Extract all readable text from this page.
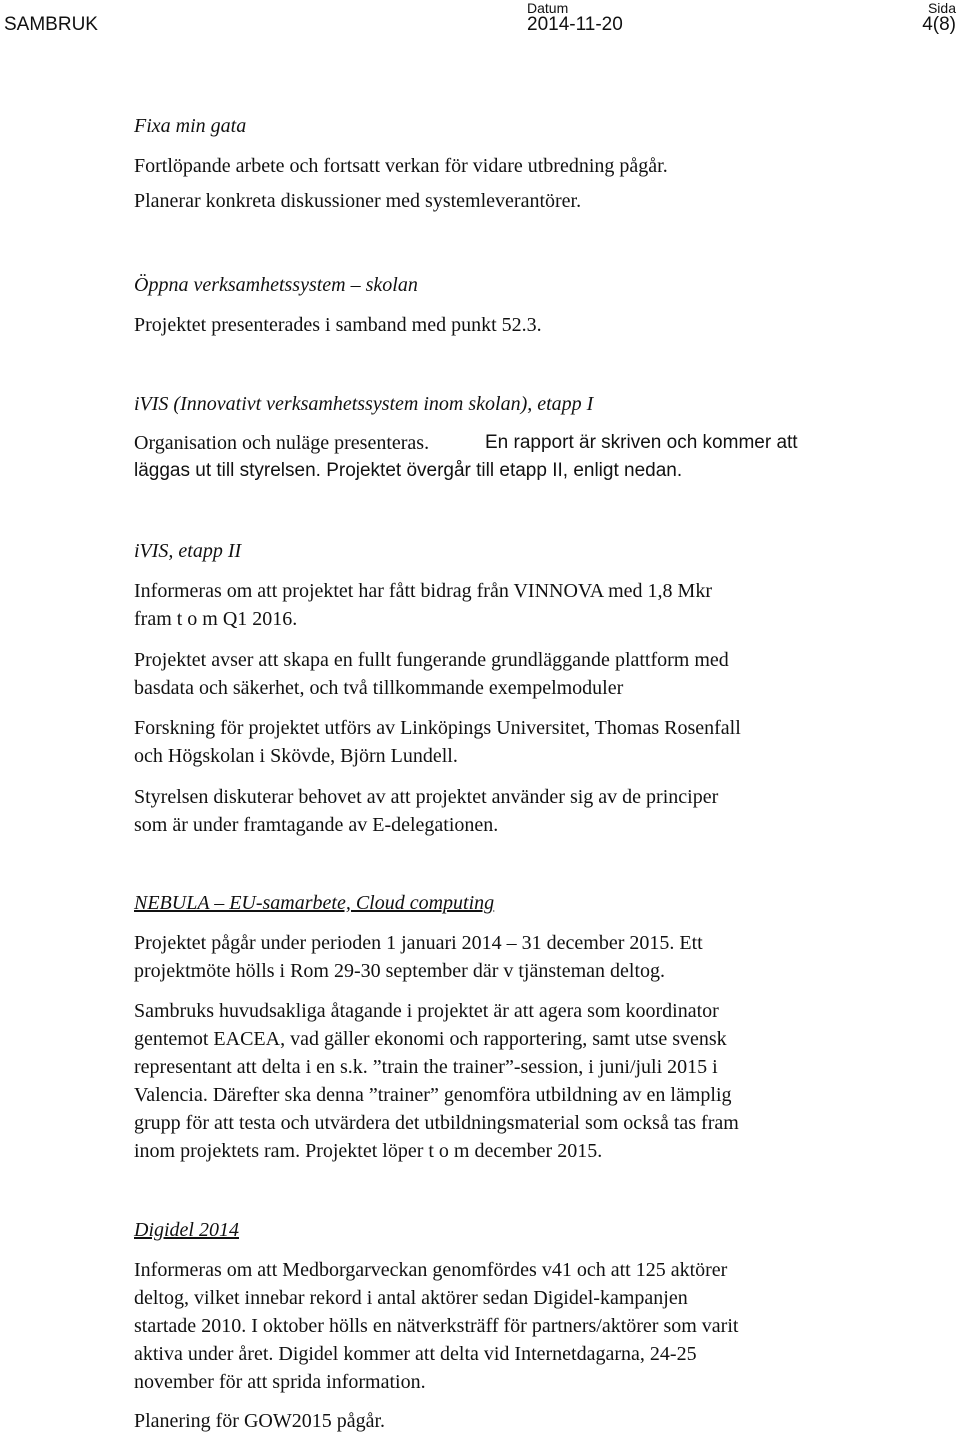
SAMBRUK
Datum
2014-11-20
Sida
4(8)
Fixa min gata
Fortlöpande arbete och fortsatt verkan för vidare utbredning pågår.
Planerar konkreta diskussioner med systemleverantörer.
Öppna verksamhetssystem – skolan
Projektet presenterades i samband med punkt 52.3.
iVIS (Innovativt verksamhetssystem inom skolan), etapp I
Organisation och nuläge presenteras.	En rapport är skriven och kommer att
läggas ut till styrelsen. Projektet övergår till etapp II, enligt nedan.
iVIS, etapp II
Informeras om att projektet har fått bidrag från VINNOVA med 1,8 Mkr
fram t o m Q1 2016.
Projektet avser att skapa en fullt fungerande grundläggande plattform med
basdata och säkerhet, och två tillkommande exempelmoduler
Forskning för projektet utförs av Linköpings Universitet, Thomas Rosenfall
och Högskolan i Skövde, Björn Lundell.
Styrelsen diskuterar behovet av att projektet använder sig av de principer
som är under framtagande av E-delegationen.
NEBULA – EU-samarbete, Cloud computing
Projektet pågår under perioden 1 januari 2014 – 31 december 2015. Ett
projektmöte hölls i Rom 29-30 september där v tjänsteman deltog.
Sambruks huvudsakliga åtagande i projektet är att agera som koordinator
gentemot EACEA, vad gäller ekonomi och rapportering, samt utse svensk
representant att delta i en s.k. ”train the trainer”-session, i juni/juli 2015 i
Valencia. Därefter ska denna ”trainer” genomföra utbildning av en lämplig
grupp för att testa och utvärdera det utbildningsmaterial som också tas fram
inom projektets ram. Projektet löper t o m december 2015.
Digidel 2014
Informeras om att Medborgarveckan genomfördes v41 och att 125 aktörer
deltog, vilket innebar rekord i antal aktörer sedan Digidel-kampanjen
startade 2010. I oktober hölls en nätverksträff för partners/aktörer som varit
aktiva under året. Digidel kommer att delta vid Internetdagarna, 24-25
november för att sprida information.
Planering för GOW2015 pågår.
